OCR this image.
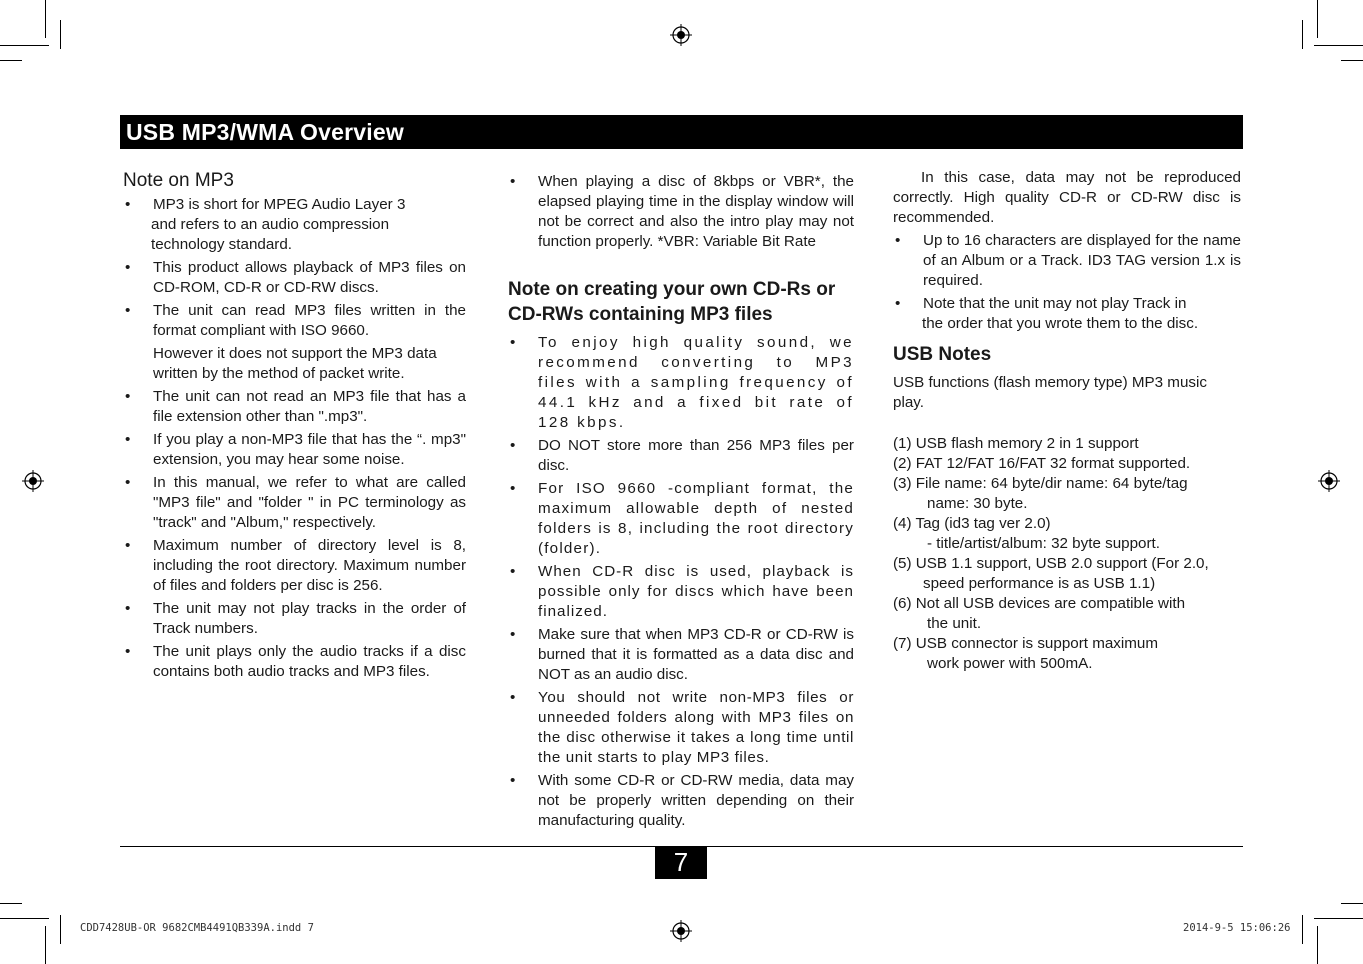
USB MP3/WMA Overview
Note on MP3
• MP3 is short for MPEG Audio Layer 3
and refers to an audio compression
technology standard.
• This product allows playback of MP3 files on CD-ROM, CD-R or CD-RW discs.
• The unit can read MP3 files written in the format compliant with ISO 9660.
However it does not support the MP3 data written by the method of packet write.
• The unit can not read an MP3 file that has a file extension other than ".mp3".
• If you play a non-MP3 file that has the “. mp3" extension, you may hear some noise.
• In this manual, we refer to what are called "MP3 file" and "folder " in PC terminology as "track" and "Album," respectively.
• Maximum number of directory level is 8, including the root directory. Maximum number of files and folders per disc is 256.
• The unit may not play tracks in the order of Track numbers.
• The unit plays only the audio tracks if a disc contains both audio tracks and MP3 files.
• When playing a disc of 8kbps or VBR*, the elapsed playing time in the display window will not be correct and also the intro play may not function properly. *VBR: Variable Bit Rate
Note on creating your own CD-Rs or CD-RWs containing MP3 files
• To enjoy high quality sound, we recommend converting to MP3 files with a sampling frequency of 44.1 kHz and a fixed bit rate of 128 kbps.
• DO NOT store more than 256 MP3 files per disc.
• For ISO 9660 -compliant format, the maximum allowable depth of nested folders is 8, including the root directory (folder).
• When CD-R disc is used, playback is possible only for discs which have been finalized.
• Make sure that when MP3 CD-R or CD-RW is burned that it is formatted as a data disc and NOT as an audio disc.
• You should not write non-MP3 files or unneeded folders along with MP3 files on the disc otherwise it takes a long time until the unit starts to play MP3 files.
• With some CD-R or CD-RW media, data may not be properly written depending on their manufacturing quality.

In this case, data may not be reproduced correctly. High quality CD-R or CD-RW disc is recommended.

• Up to 16 characters are displayed for the name of an Album or a Track. ID3 TAG version 1.x is required.
• Note that the unit may not play Track in
the order that you wrote them to the disc.
USB Notes

USB functions (flash memory type) MP3 music play.

(1) USB flash memory 2 in 1 support
(2) FAT 12/FAT 16/FAT 32 format supported.
(3) File name: 64 byte/dir name: 64 byte/tag
name: 30 byte.
(4) Tag (id3 tag ver 2.0)
- title/artist/album: 32 byte support.
(5) USB 1.1 support, USB 2.0 support (For 2.0,
speed performance is as USB 1.1)
(6) Not all USB devices are compatible with
the unit.
(7) USB connector is support maximum
work power with 500mA.
7
CDD7428UB-OR 9682CMB4491QB339A.indd 7	2014-9-5 15:06:26
